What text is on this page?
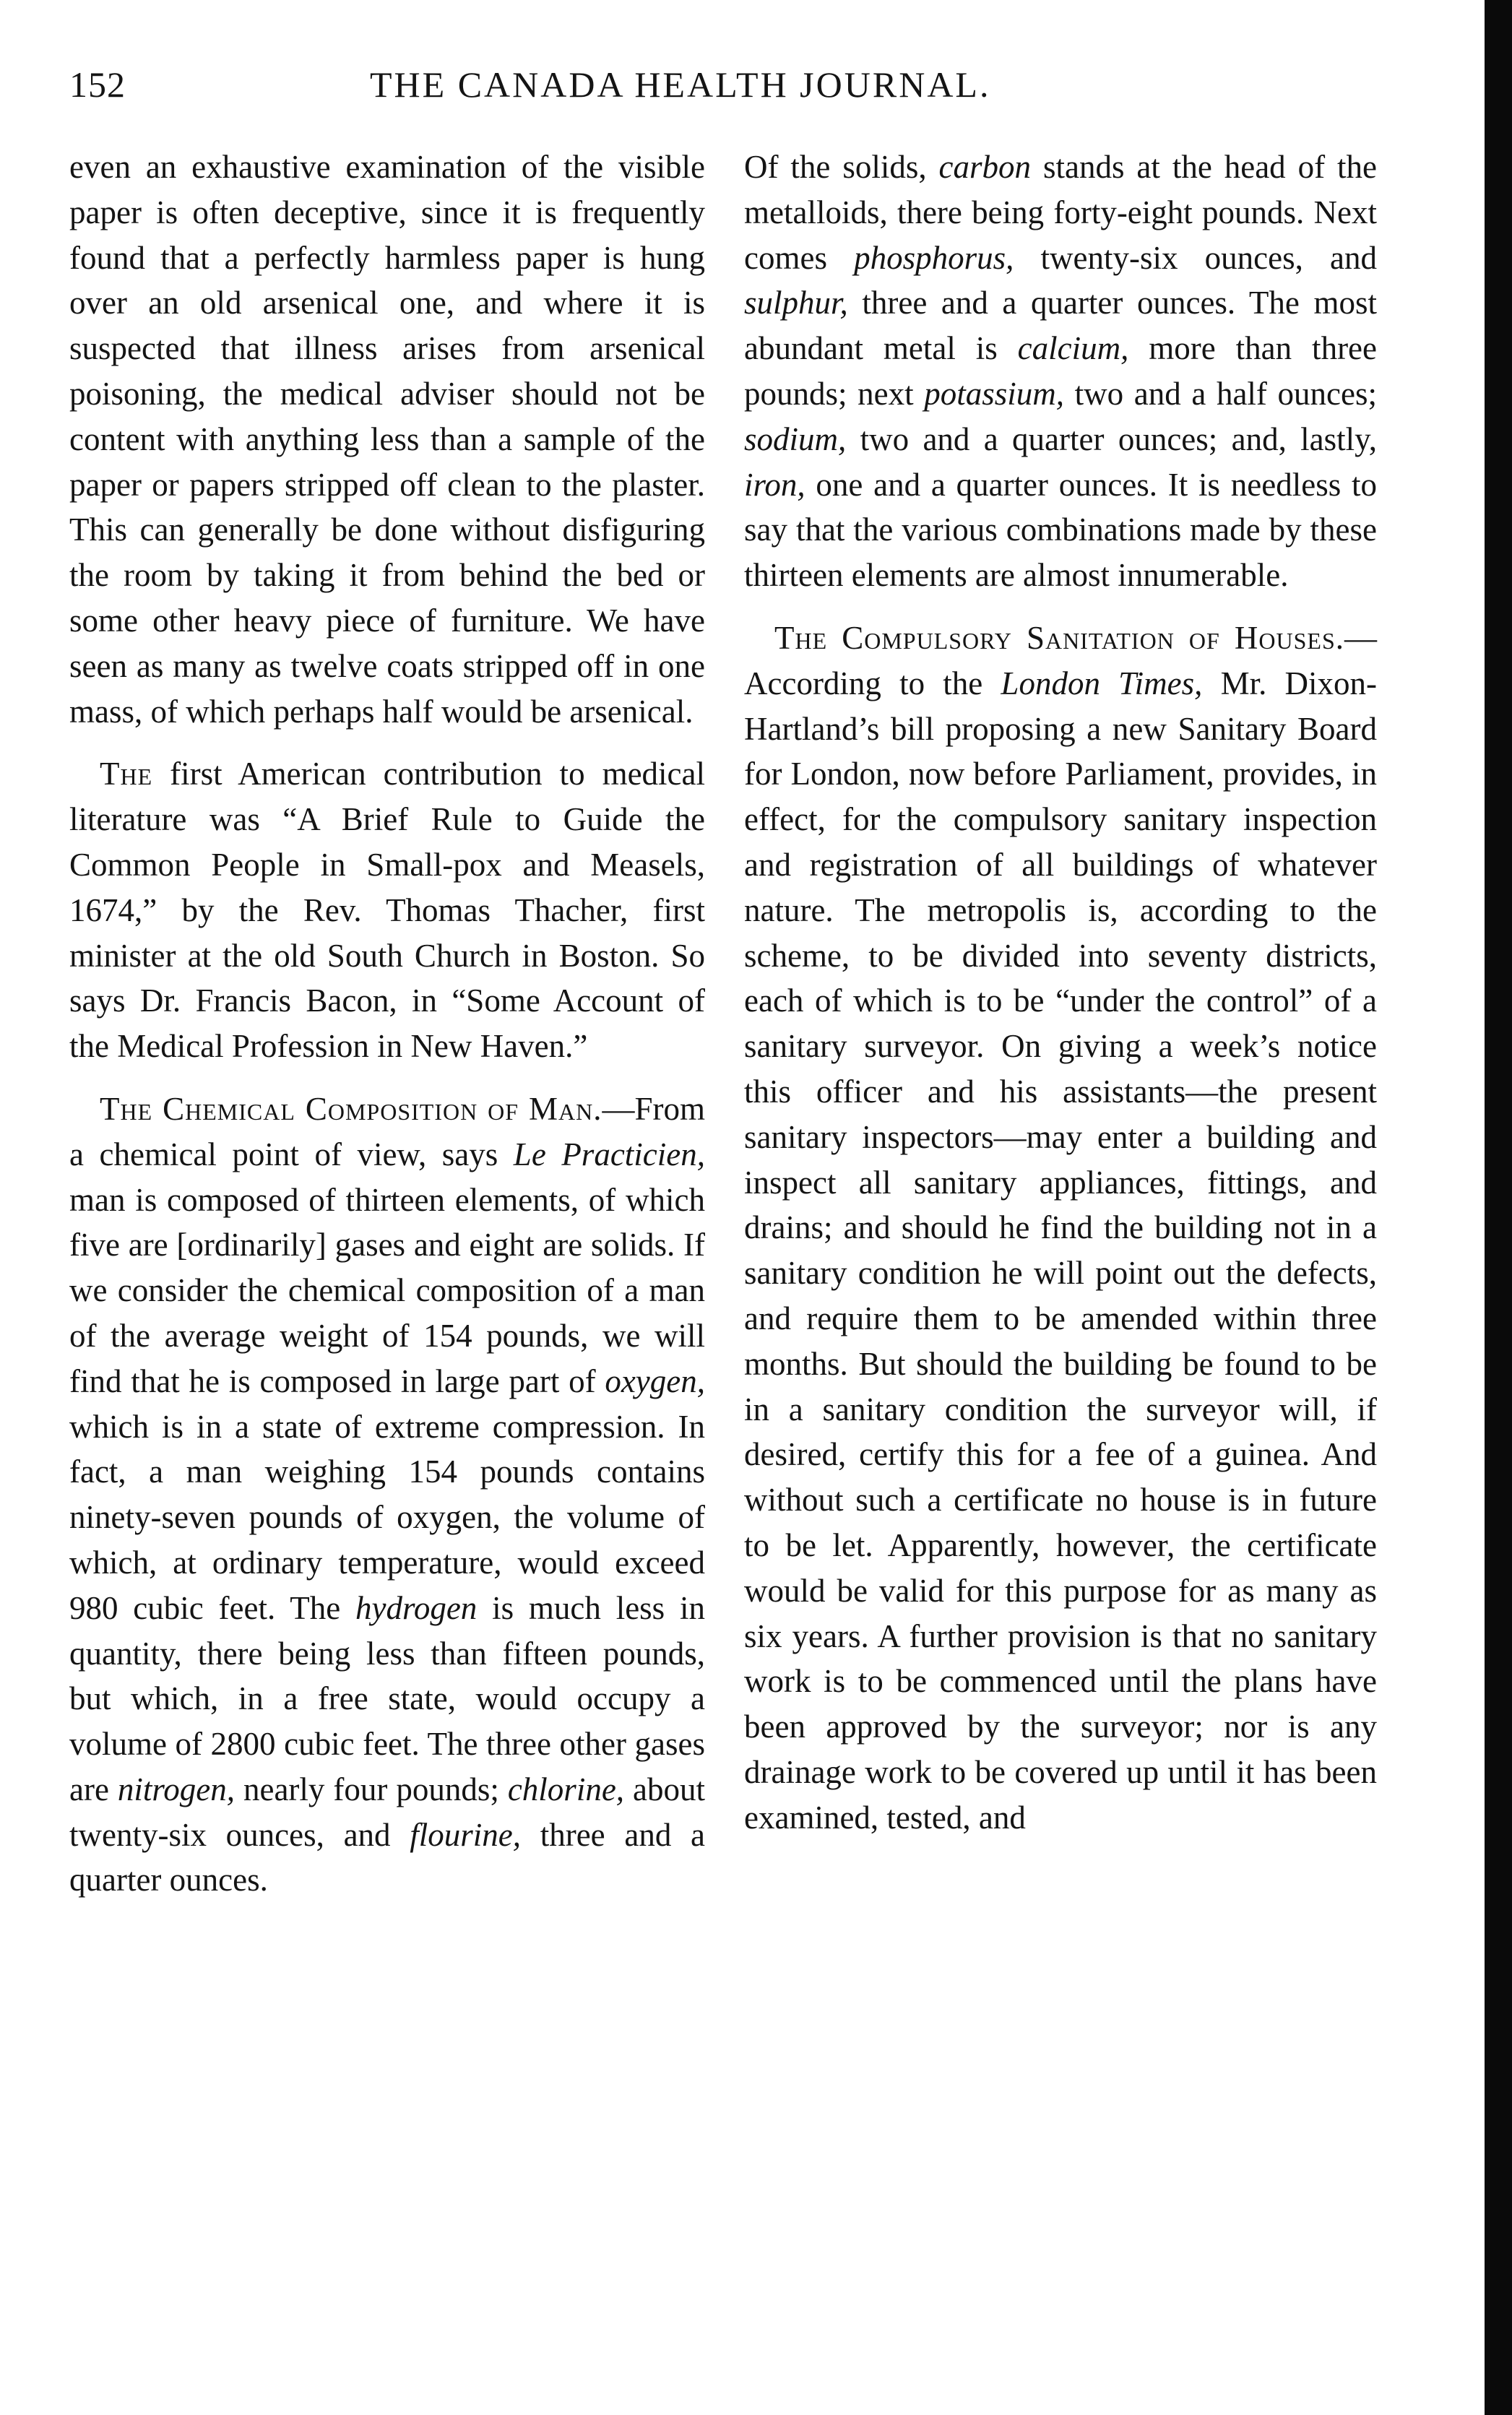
152	THE CANADA HEALTH JOURNAL.

even an exhaustive examination of the visible paper is often deceptive, since it is frequently found that a perfectly harmless paper is hung over an old arsenical one, and where it is suspected that illness arises from arsenical poisoning, the medical adviser should not be content with anything less than a sample of the paper or papers stripped off clean to the plaster. This can generally be done without disfiguring the room by taking it from behind the bed or some other heavy piece of furniture. We have seen as many as twelve coats stripped off in one mass, of which perhaps half would be arsenical.

The first American contribution to medical literature was “A Brief Rule to Guide the Common People in Small-pox and Measels, 1674,” by the Rev. Thomas Thacher, first minister at the old South Church in Boston. So says Dr. Francis Bacon, in “Some Account of the Medical Profession in New Haven.”

The Chemical Composition of Man.—From a chemical point of view, says Le Practicien, man is composed of thirteen elements, of which five are [ordinarily] gases and eight are solids. If we consider the chemical composition of a man of the average weight of 154 pounds, we will find that he is composed in large part of oxygen, which is in a state of extreme compression. In fact, a man weighing 154 pounds contains ninety-seven pounds of oxygen, the volume of which, at ordinary temperature, would exceed 980 cubic feet. The hydrogen is much less in quantity, there being less than fifteen pounds, but which, in a free state, would occupy a volume of 2800 cubic feet. The three other gases are nitrogen, nearly four pounds; chlorine, about twenty-six ounces, and flourine, three and a quarter ounces.

Of the solids, carbon stands at the head of the metalloids, there being forty-eight pounds. Next comes phosphorus, twenty-six ounces, and sulphur, three and a quarter ounces. The most abundant metal is calcium, more than three pounds; next potassium, two and a half ounces; sodium, two and a quarter ounces; and, lastly, iron, one and a quarter ounces. It is needless to say that the various combinations made by these thirteen elements are almost innumerable.

The Compulsory Sanitation of Houses.—According to the London Times, Mr. Dixon-Hartland’s bill proposing a new Sanitary Board for London, now before Parliament, provides, in effect, for the compulsory sanitary inspection and registration of all buildings of whatever nature. The metropolis is, according to the scheme, to be divided into seventy districts, each of which is to be “under the control” of a sanitary surveyor. On giving a week’s notice this officer and his assistants—the present sanitary inspectors—may enter a building and inspect all sanitary appliances, fittings, and drains; and should he find the building not in a sanitary condition he will point out the defects, and require them to be amended within three months. But should the building be found to be in a sanitary condition the surveyor will, if desired, certify this for a fee of a guinea. And without such a certificate no house is in future to be let. Apparently, however, the certificate would be valid for this purpose for as many as six years. A further provision is that no sanitary work is to be commenced until the plans have been approved by the surveyor; nor is any drainage work to be covered up until it has been examined, tested, and
